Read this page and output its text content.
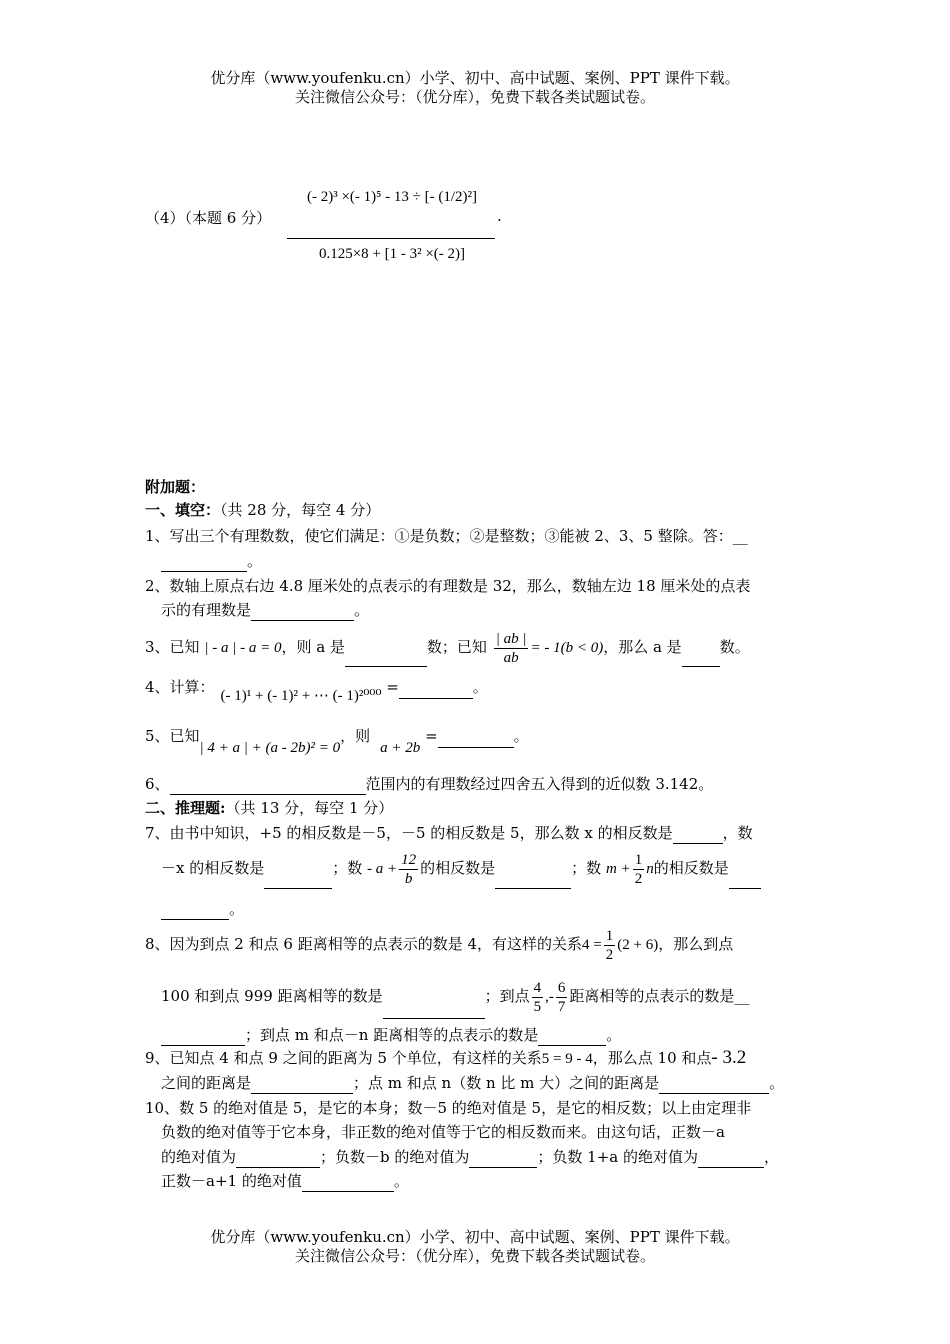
优分库（www.youfenku.cn）小学、初中、高中试题、案例、PPT 课件下载。
关注微信公众号：（优分库），免费下载各类试题试卷。
（4）（本题 6 分）
(- 2)³ ×(- 1)⁵ - 13 ÷ [- (1/2)²]
0.125×8 + [1 - 3² ×(- 2)]
.
附加题：
一、填空：（共 28 分，每空 4 分）
1、写出三个有理数数，使它们满足：①是负数；②是整数；③能被 2、3、5 整除。答：__
。
2、数轴上原点右边 4.8 厘米处的点表示的有理数是 32，那么，数轴左边 18 厘米处的点表
示的有理数是	。
3、已知 | - a | - a = 0，则 a 是	数；已知 $\frac{| ab |}{ab}$ = - 1(b < 0)，那么 a 是	数。
4、计算： (- 1)¹ + (- 1)² + ⋯ (- 1)²⁰⁰⁰ =	。
5、已知| 4 + a | + (a - 2b)² = 0，则a + 2b =	。
6、	范围内的有理数经过四舍五入得到的近似数 3.142。
二、推理题:（共 13 分，每空 1 分）
7、由书中知识，+5 的相反数是－5，－5 的相反数是 5，那么数 x 的相反数是	，数
－x 的相反数是	；数 - $a + \frac{12}{b}$ 的相反数是	；数 $m + \frac{1}{2}$ n的相反数是
。
8、因为到点 2 和点 6 距离相等的点表示的数是 4，有这样的关系$4 = \frac{1}{2} (2 + 6)$，那么到点
100 和到点 999 距离相等的数是	；到点 $\frac{4}{5}$ ,- $\frac{6}{7}$ 距离相等的点表示的数是__
；到点 m 和点－n 距离相等的点表示的数是	。
9、已知点 4 和点 9 之间的距离为 5 个单位，有这样的关系5 = 9 - 4，那么点 10 和点- 3.2
之间的距离是	；点 m 和点 n（数 n 比 m 大）之间的距离是	。
10、数 5 的绝对值是 5，是它的本身；数－5 的绝对值是 5，是它的相反数；以上由定理非
负数的绝对值等于它本身，非正数的绝对值等于它的相反数而来。由这句话，正数－a
的绝对值为	；负数－b 的绝对值为	；负数 1+a 的绝对值为	，
正数－a+1 的绝对值	。
优分库（www.youfenku.cn）小学、初中、高中试题、案例、PPT 课件下载。
关注微信公众号：（优分库），免费下载各类试题试卷。
